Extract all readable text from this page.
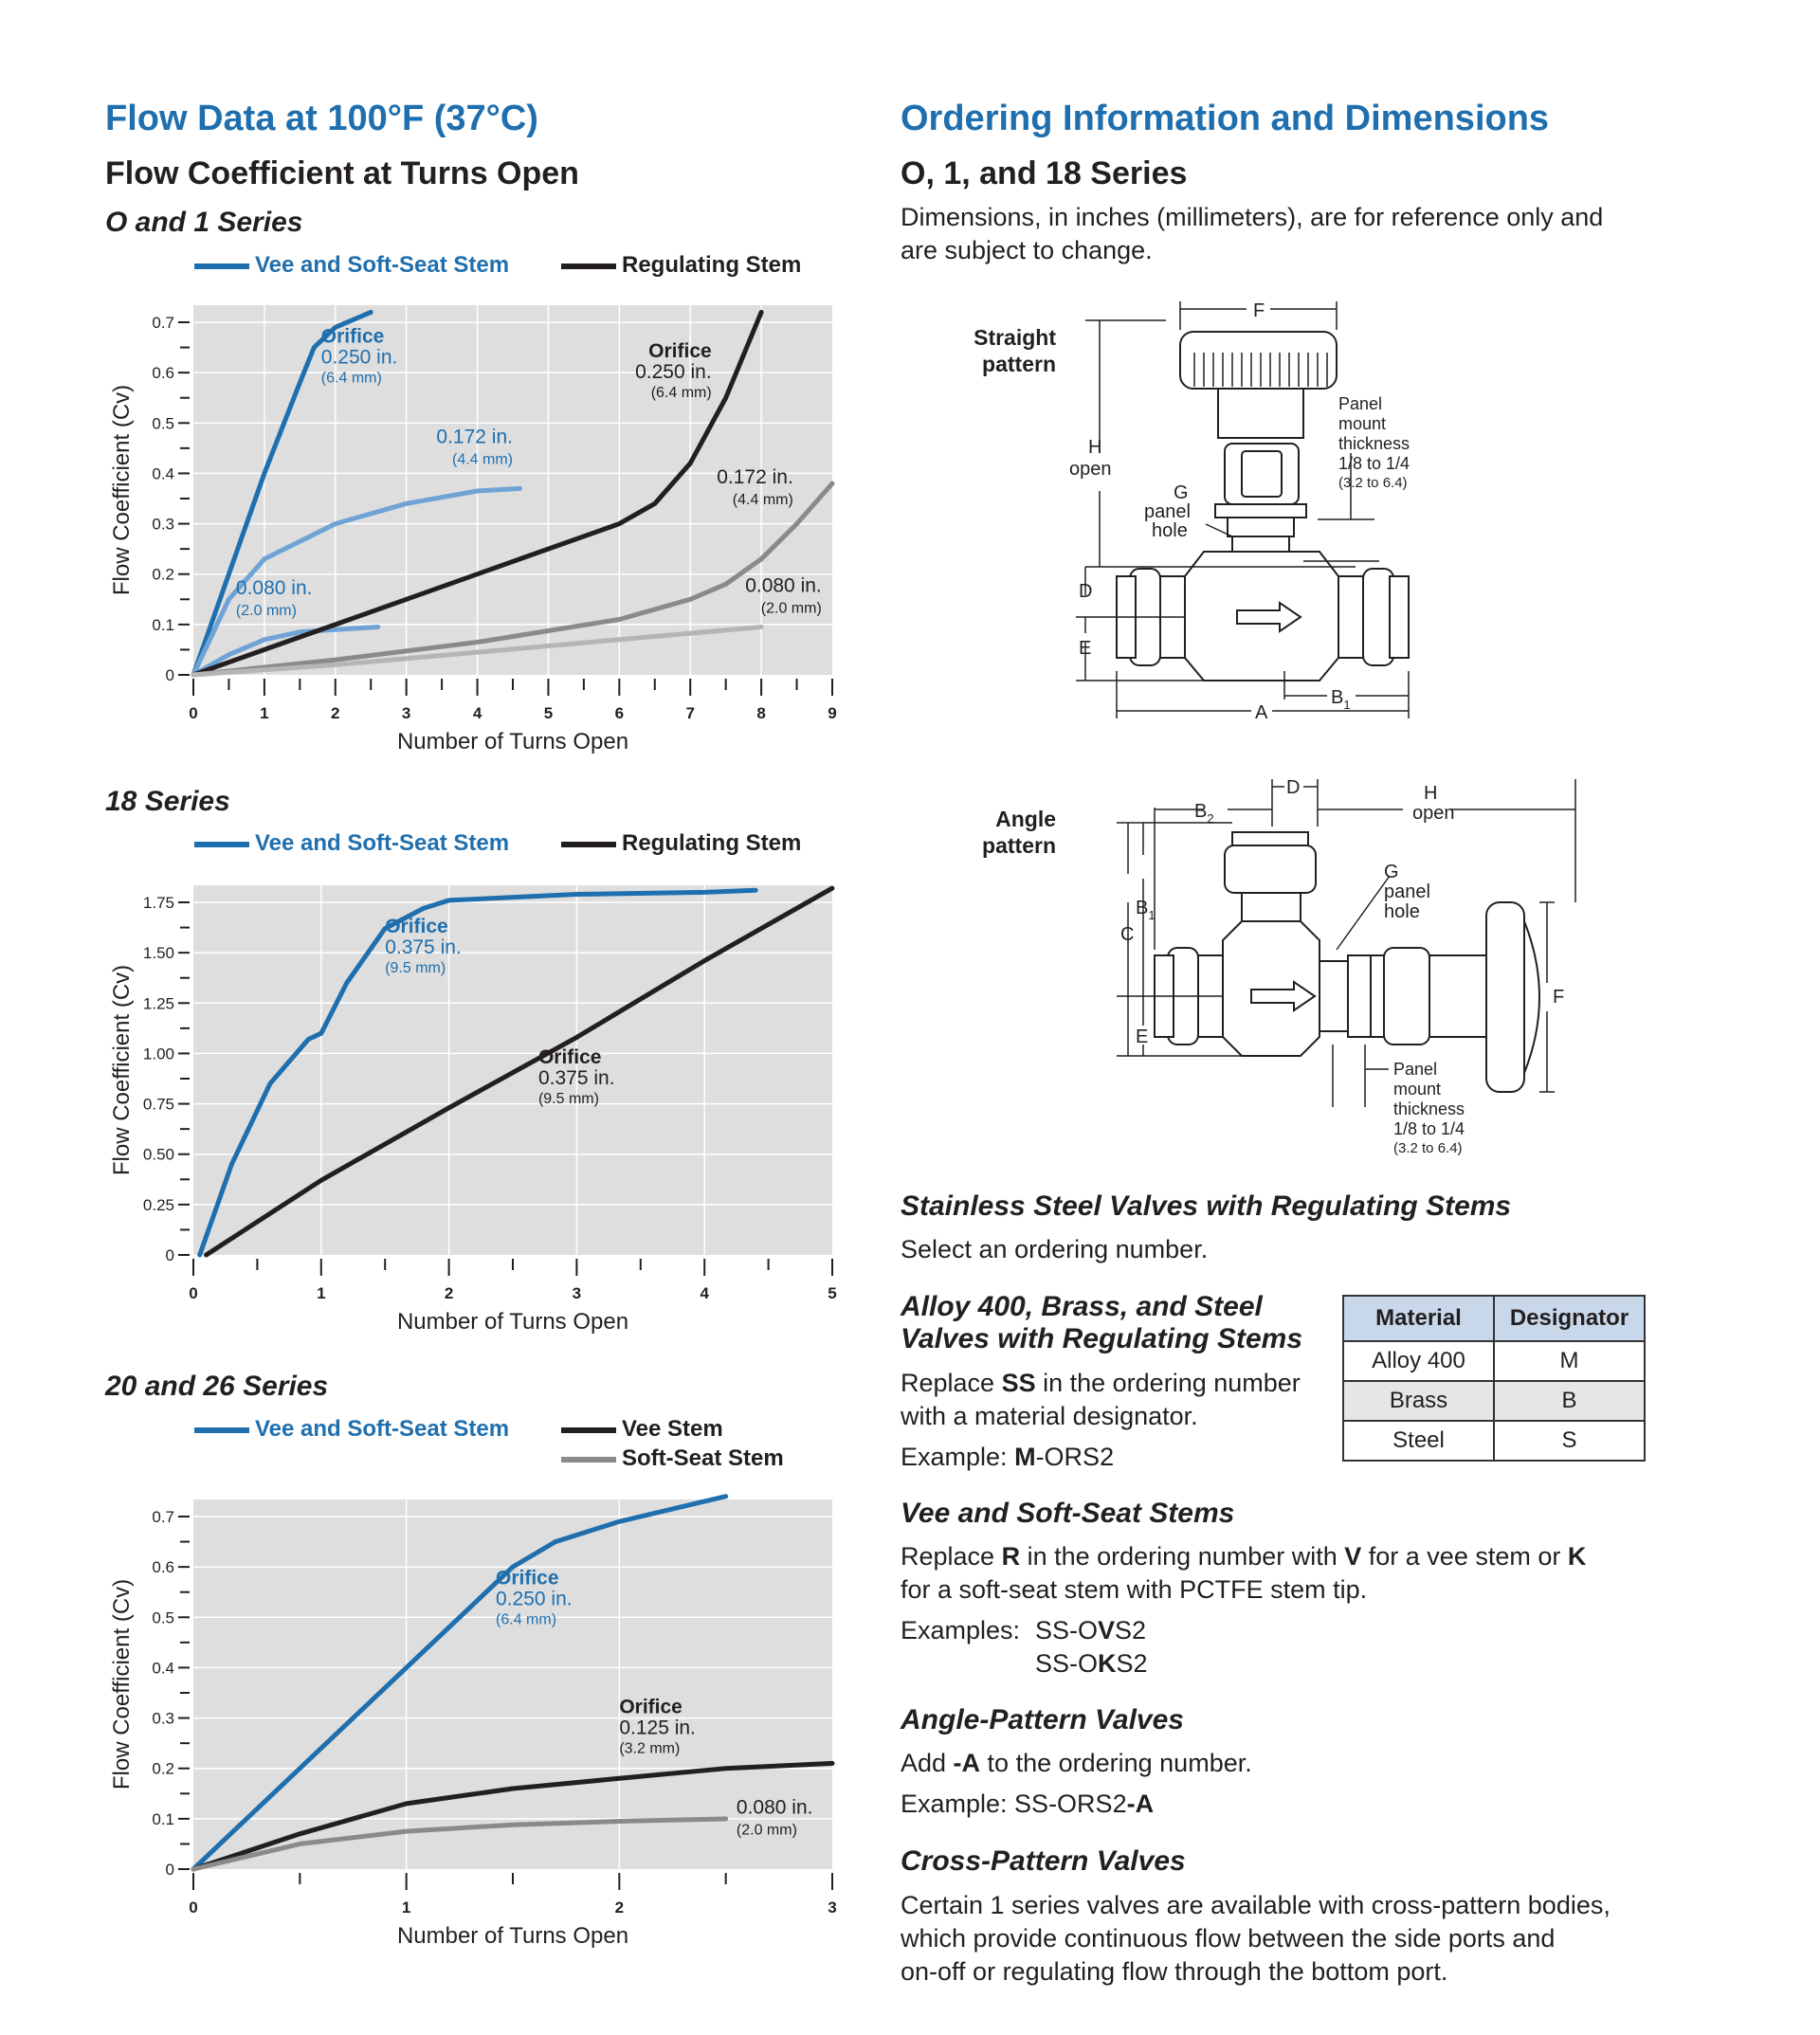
Flow Data at 100°F (37°C)
Flow Coefficient at Turns Open
O and 1 Series
Vee and Soft-Seat Stem	Regulating Stem
0	1	2	3	4	5	6	7	8	9
0
0.1
0.2
0.3
0.4
0.5
0.6
0.7
Number of Turns Open
Flow Coefficient (Cv)
Orifice 0.250 in. (6.4 mm)
0.172 in. (4.4 mm)
0.080 in. (2.0 mm)
Orifice 0.250 in. (6.4 mm)
0.172 in. (4.4 mm)
0.080 in. (2.0 mm)
18 Series
Vee and Soft-Seat Stem	Regulating Stem
0	1	2	3	4	5
0
0.25
0.50
0.75
1.00
1.25
1.50
1.75
Number of Turns Open
Flow Coefficient (Cv)
Orifice 0.375 in. (9.5 mm)
Orifice 0.375 in. (9.5 mm)
20 and 26 Series
Vee and Soft-Seat Stem	Vee Stem
Soft-Seat Stem
0	1	2	3
0
0.1
0.2
0.3
0.4
0.5
0.6
0.7
Number of Turns Open
Flow Coefficient (Cv)
Orifice 0.250 in. (6.4 mm)
Orifice 0.125 in. (3.2 mm)
0.080 in. (2.0 mm)
Ordering Information and Dimensions
O, 1, and 18 Series
Dimensions, in inches (millimeters), are for reference only and
are subject to change.
Straight
pattern
F
H
open
G
panel
hole
D
E
A
$B_1$
Panel
mount
thickness
1/8 to 1/4
(3.2 to 6.4)
Angle
pattern
$B_2$
D	H
open
$B_1$
C
E
F
G
panel
hole
Panel
mount
thickness
1/8 to 1/4
(3.2 to 6.4)
Stainless Steel Valves with Regulating Stems
Select an ordering number.
Alloy 400, Brass, and Steel
Valves with Regulating Stems
Replace SS in the ordering number
with a material designator.
Example: M-ORS2
Material	Designator
Alloy 400	M
Brass	B
Steel	S
Vee and Soft-Seat Stems
Replace R in the ordering number with V for a vee stem or K
for a soft-seat stem with PCTFE stem tip.
Examples: SS-OVS2
SS-OKS2
Angle-Pattern Valves
Add -A to the ordering number.
Example: SS-ORS2-A
Cross-Pattern Valves
Certain 1 series valves are available with cross-pattern bodies,
which provide continuous flow between the side ports and
on-off or regulating flow through the bottom port.
